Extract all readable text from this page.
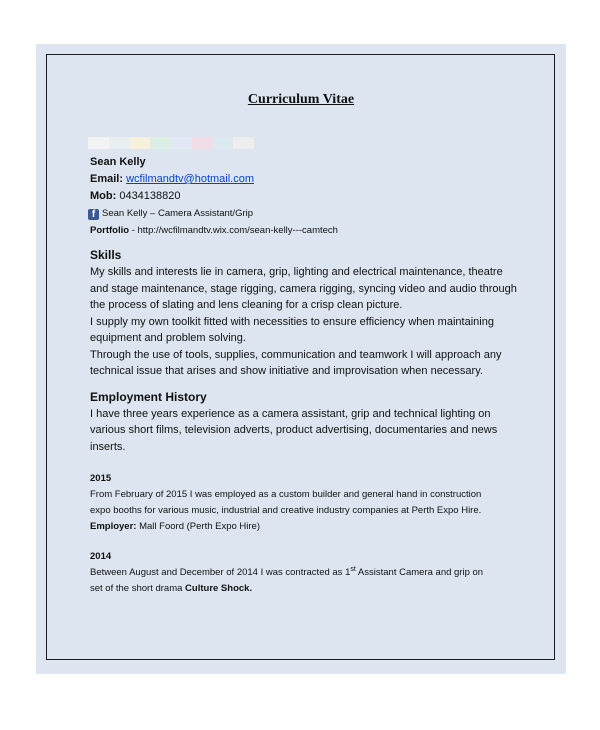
Curriculum Vitae
Sean Kelly
Email: wcfilmandtv@hotmail.com
Mob: 0434138820
f Sean Kelly – Camera Assistant/Grip
Portfolio - http://wcfilmandtv.wix.com/sean-kelly---camtech
Skills
My skills and interests lie in camera, grip, lighting and electrical maintenance, theatre
and stage maintenance, stage rigging, camera rigging, syncing video and audio through
the process of slating and lens cleaning for a crisp clean picture.
I supply my own toolkit fitted with necessities to ensure efficiency when maintaining
equipment and problem solving.
Through the use of tools, supplies, communication and teamwork I will approach any
technical issue that arises and show initiative and improvisation when necessary.
Employment History
I have three years experience as a camera assistant, grip and technical lighting on
various short films, television adverts, product advertising, documentaries and news
inserts.
2015
From February of 2015 I was employed as a custom builder and general hand in construction
expo booths for various music, industrial and creative industry companies at Perth Expo Hire.
Employer: Mall Foord (Perth Expo Hire)
2014
Between August and December of 2014 I was contracted as 1st Assistant Camera and grip on
set of the short drama Culture Shock.
